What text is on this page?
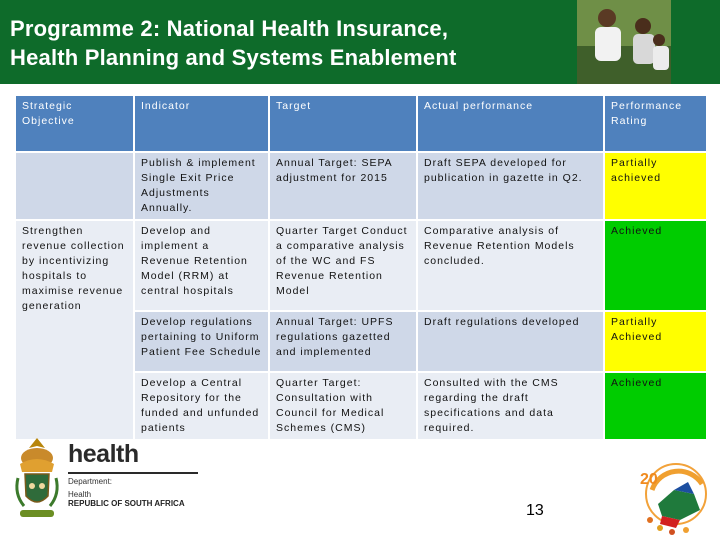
Programme 2: National Health Insurance,
Health Planning and Systems Enablement
Strategic Objective	Indicator	Target	Actual performance	Performance Rating
	Publish & implement Single Exit Price Adjustments Annually.	Annual Target: SEPA adjustment for 2015	Draft SEPA developed for publication in gazette in Q2.	Partially achieved
Strengthen revenue collection by incentivizing hospitals to maximise revenue generation	Develop and implement a Revenue Retention Model (RRM) at central hospitals	Quarter Target Conduct a comparative analysis of the WC and FS Revenue Retention Model	Comparative analysis of Revenue Retention Models concluded.	Achieved
	Develop regulations pertaining to Uniform Patient Fee Schedule	Annual Target: UPFS regulations gazetted and implemented	Draft regulations developed	Partially Achieved
	Develop a Central Repository for the funded and unfunded patients	Quarter Target: Consultation with Council for Medical Schemes (CMS)	Consulted with the CMS regarding the draft specifications and data required.	Achieved
health
Department:
Health
REPUBLIC OF SOUTH AFRICA	13
20
